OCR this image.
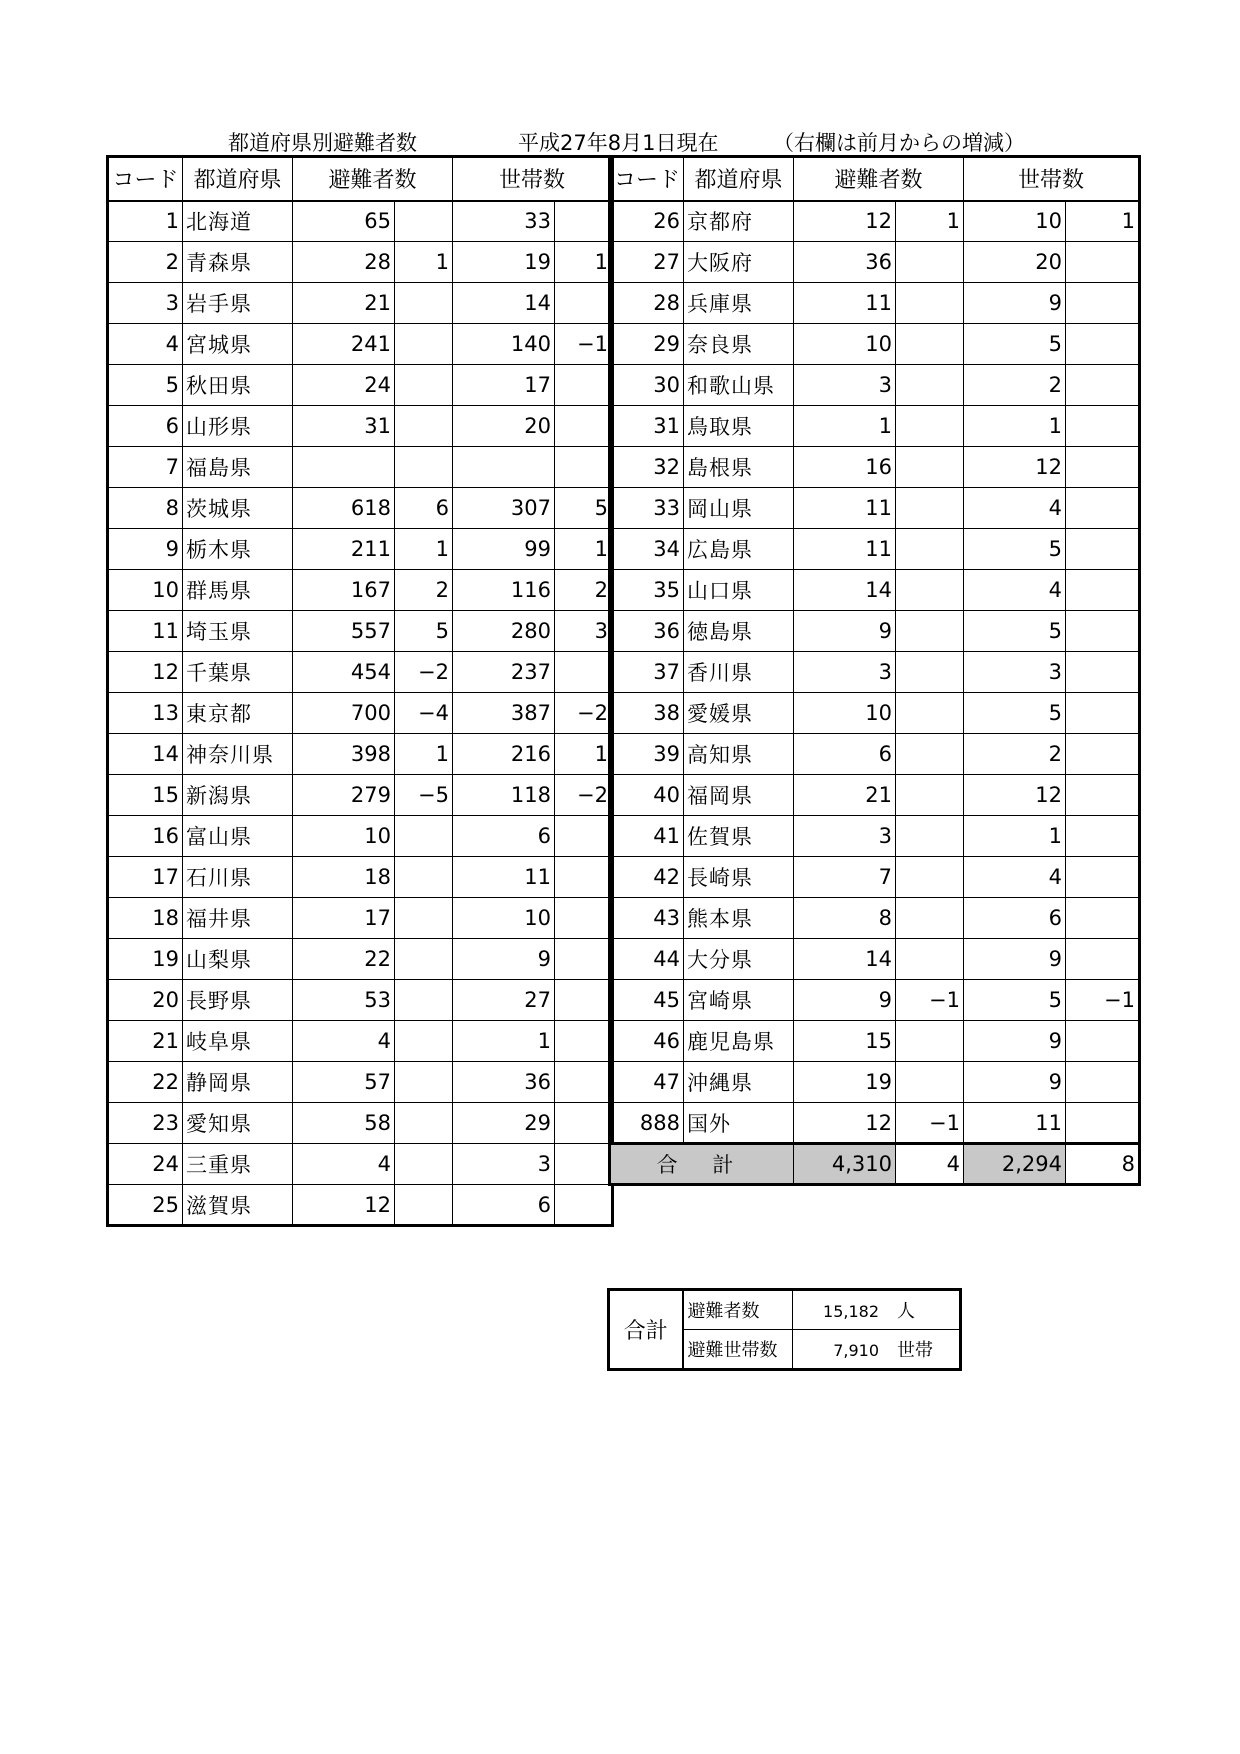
都道府県別避難者数	平成27年8月1日現在	（右欄は前月からの増減）
コード	都道府県	避難者数		世帯数	
1	北海道	65		33	
2	青森県	28	1	19	1
3	岩手県	21		14	
4	宮城県	241		140	−1
5	秋田県	24		17	
6	山形県	31		20	
7	福島県				
8	茨城県	618	6	307	5
9	栃木県	211	1	99	1
10	群馬県	167	2	116	2
11	埼玉県	557	5	280	3
12	千葉県	454	−2	237	
13	東京都	700	−4	387	−2
14	神奈川県	398	1	216	1
15	新潟県	279	−5	118	−2
16	富山県	10		6	
17	石川県	18		11	
18	福井県	17		10	
19	山梨県	22		9	
20	長野県	53		27	
21	岐阜県	4		1	
22	静岡県	57		36	
23	愛知県	58		29	
24	三重県	4		3	
25	滋賀県	12		6	
コード	都道府県	避難者数		世帯数	
26	京都府	12	1	10	1
27	大阪府	36		20	
28	兵庫県	11		9	
29	奈良県	10		5	
30	和歌山県	3		2	
31	鳥取県	1		1	
32	島根県	16		12	
33	岡山県	11		4	
34	広島県	11		5	
35	山口県	14		4	
36	徳島県	9		5	
37	香川県	3		3	
38	愛媛県	10		5	
39	高知県	6		2	
40	福岡県	21		12	
41	佐賀県	3		1	
42	長崎県	7		4	
43	熊本県	8		6	
44	大分県	14		9	
45	宮崎県	9	−1	5	−1
46	鹿児島県	15		9	
47	沖縄県	19		9	
888	国外	12	−1	11	
合 計		4,310	4	2,294	8
合計	避難者数	15,182 人
	避難世帯数	7,910 世帯
